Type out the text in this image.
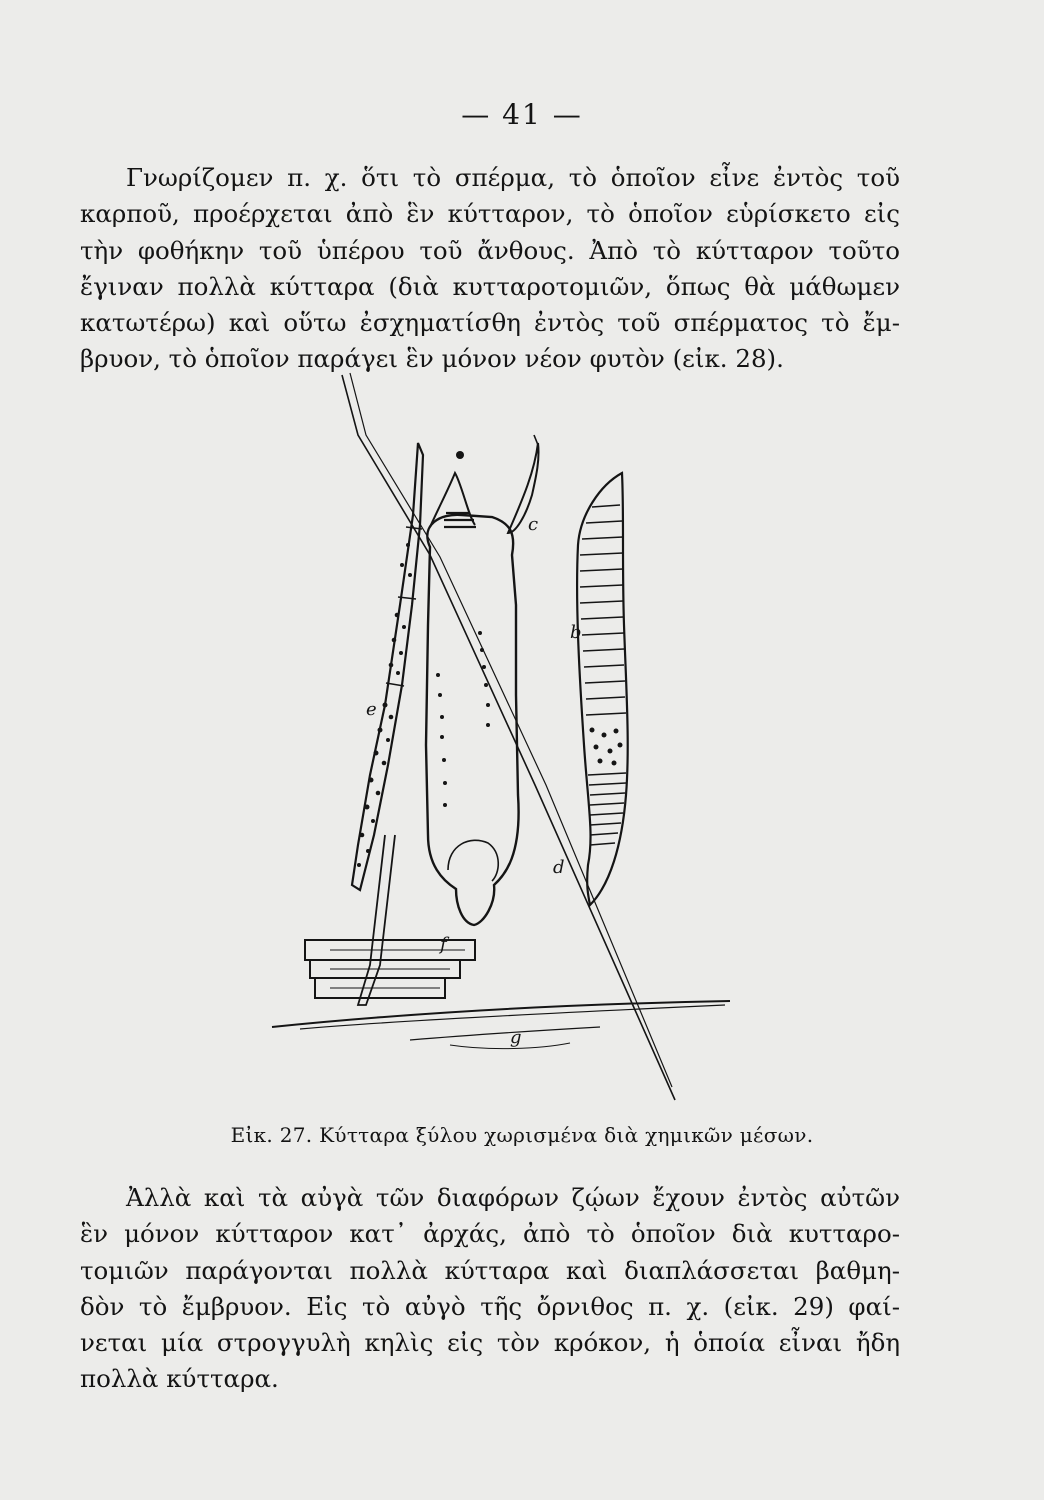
— 41 —
Γνωρίζομεν π. χ. ὅτι τὸ σπέρμα, τὸ ὁποῖον εἶνε ἐντὸς τοῦ
καρποῦ, προέρχεται ἀπὸ ἓν κύτταρον, τὸ ὁποῖον εὑρίσκετο εἰς
τὴν φοθήκην τοῦ ὑπέρου τοῦ ἄνθους. Ἀπὸ τὸ κύτταρον τοῦτο
ἔγιναν πολλὰ κύτταρα (διὰ κυτταροτομιῶν, ὅπως θὰ μάθωμεν
κατωτέρω) καὶ οὕτω ἐσχηματίσθη ἐντὸς τοῦ σπέρματος τὸ ἔμ-
βρυον, τὸ ὁποῖον παράγει ἓν μόνον νέον φυτὸν (εἰκ. 28).
c
b
e
d
f
g
Εἰκ. 27. Κύτταρα ξύλου χωρισμένα διὰ χημικῶν μέσων.
Ἀλλὰ καὶ τὰ αὐγὰ τῶν διαφόρων ζῴων ἔχουν ἐντὸς αὐτῶν
ἓν μόνον κύτταρον κατ᾽ ἀρχάς, ἀπὸ τὸ ὁποῖον διὰ κυτταρο-
τομιῶν παράγονται πολλὰ κύτταρα καὶ διαπλάσσεται βαθμη-
δὸν τὸ ἔμβρυον. Εἰς τὸ αὐγὸ τῆς ὄρνιθος π. χ. (εἰκ. 29) φαί-
νεται μία στρογγυλὴ κηλὶς εἰς τὸν κρόκον, ἡ ὁποία εἶναι ἤδη
πολλὰ κύτταρα.
